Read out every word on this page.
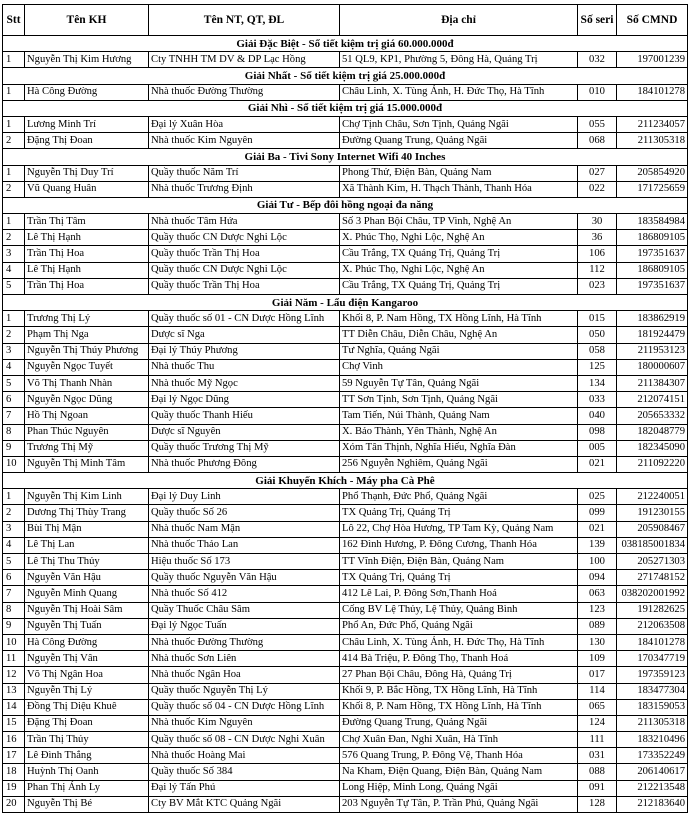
Stt	Tên KH	Tên NT, QT, ĐL	Địa chỉ	Số seri	Số CMND
Giải Đặc Biệt - Sổ tiết kiệm trị giá 60.000.000đ					
1	Nguyễn Thị Kim Hương	Cty TNHH TM DV & DP Lạc Hồng	51 QL9, KP1, Phường 5, Đông Hà, Quảng Trị	032	197001239
Giải Nhất - Sổ tiết kiệm trị giá 25.000.000đ					
1	Hà Công Đường	Nhà thuốc Đường Thường	Châu Linh, X. Tùng Ảnh, H. Đức Thọ, Hà Tĩnh	010	184101278
Giải Nhì - Sổ tiết kiệm trị giá 15.000.000đ					
1	Lương Minh Trí	Đại lý Xuân Hòa	Chợ Tịnh Châu, Sơn Tịnh, Quảng Ngãi	055	211234057
2	Đặng Thị Đoan	Nhà thuốc Kim Nguyên	Đường Quang Trung, Quảng Ngãi	068	211305318
Giải Ba - Tivi Sony Internet Wifi 40 Inches					
1	Nguyễn Thị Duy Trí	Quầy thuốc Năm Trí	Phong Thử, Điện Bàn, Quảng Nam	027	205854920
2	Vũ Quang Huân	Nhà thuốc Trương Định	Xã Thành Kim, H. Thạch Thành, Thanh Hóa	022	171725659
Giải Tư - Bếp đôi hồng ngoại đa năng					
1	Trần Thị Tâm	Nhà thuốc Tâm Hứa	Số 3 Phan Bội Châu, TP Vinh, Nghệ An	30	183584984
2	Lê Thị Hạnh	Quầy thuốc CN Dược Nghi Lộc	X. Phúc Thọ, Nghi Lộc, Nghệ An	36	186809105
3	Trần Thị Hoa	Quầy thuốc Trần Thị Hoa	Cầu Trắng, TX Quảng Trị, Quảng Trị	106	197351637
4	Lê Thị Hạnh	Quầy thuốc CN Dược Nghi Lộc	X. Phúc Thọ, Nghi Lộc, Nghệ An	112	186809105
5	Trần Thị Hoa	Quầy thuốc Trần Thị Hoa	Cầu Trắng, TX Quảng Trị, Quảng Trị	023	197351637
Giải Năm - Lẩu điện Kangaroo					
1	Trương Thị Lý	Quầy thuốc số 01 - CN Dược Hồng Lĩnh	Khối 8, P. Nam Hồng, TX Hồng Lĩnh, Hà Tĩnh	015	183862919
2	Phạm Thị Nga	Dược sĩ Nga	TT Diễn Châu, Diễn Châu, Nghệ An	050	181924479
3	Nguyễn Thị Thúy Phương	Đại lý Thúy Phương	Tư Nghĩa, Quảng Ngãi	058	211953123
4	Nguyễn Ngọc Tuyết	Nhà thuốc Thu	Chợ Vinh	125	180000607
5	Võ Thị Thanh Nhàn	Nhà thuốc Mỹ Ngọc	59 Nguyễn Tự Tân, Quảng Ngãi	134	211384307
6	Nguyễn Ngọc Dũng	Đại lý Ngọc Dũng	TT Sơn Tịnh, Sơn Tịnh, Quảng Ngãi	033	212074151
7	Hồ Thị Ngoan	Quầy thuốc Thanh Hiếu	Tam Tiến, Núi Thành, Quảng Nam	040	205653332
8	Phan Thúc Nguyên	Dược sĩ Nguyên	X. Bảo Thành, Yên Thành, Nghệ An	098	182048779
9	Trương Thị Mỹ	Quầy thuốc Trương Thị Mỹ	Xóm Tân Thịnh, Nghĩa Hiếu, Nghĩa Đàn	005	182345090
10	Nguyễn Thị Minh Tâm	Nhà thuốc Phương Đông	256 Nguyễn Nghiêm, Quảng Ngãi	021	211092220
Giải Khuyến Khích - Máy pha Cà Phê					
1	Nguyễn Thị Kim Linh	Đại lý Duy Linh	Phổ Thạnh, Đức Phổ, Quảng Ngãi	025	212240051
2	Dương Thị Thùy Trang	Quầy thuốc Số 26	TX Quảng Trị, Quảng Trị	099	191230155
3	Bùi Thị Mận	Nhà thuốc Nam Mận	Lô 22, Chợ Hòa Hương, TP Tam Kỳ, Quảng Nam	021	205908467
4	Lê Thị Lan	Nhà thuốc Thảo Lan	162 Đình Hương, P. Đông Cương, Thanh Hóa	139	038185001834
5	Lê Thị Thu Thủy	Hiệu thuốc Số 173	TT Vĩnh Điện, Điện Bàn, Quảng Nam	100	205271303
6	Nguyễn Văn Hậu	Quầy thuốc Nguyễn Văn Hậu	TX Quảng Trị, Quảng Trị	094	271748152
7	Nguyễn Minh Quang	Nhà thuốc Số 412	412 Lê Lai, P. Đông Sơn,Thanh Hoá	063	038202001992
8	Nguyễn Thị Hoài Sâm	Quầy Thuốc Châu Sâm	Cống BV Lệ Thủy, Lệ Thủy, Quảng Bình	123	191282625
9	Nguyễn Thị Tuấn	Đại lý Ngọc Tuấn	Phổ An, Đức Phổ, Quảng Ngãi	089	212063508
10	Hà Công Đường	Nhà thuốc Đường Thường	Châu Linh, X. Tùng Ảnh, H. Đức Thọ, Hà Tĩnh	130	184101278
11	Nguyễn Thị Vân	Nhà thuốc Sơn Liên	414 Bà Triệu, P. Đông Thọ, Thanh Hoá	109	170347719
12	Võ Thị Ngân Hoa	Nhà thuốc Ngân Hoa	27 Phan Bội Châu, Đông Hà, Quảng Trị	017	197359123
13	Nguyễn Thị Lý	Quầy thuốc Nguyễn Thị Lý	Khối 9, P. Bắc Hồng, TX Hồng Lĩnh, Hà Tĩnh	114	183477304
14	Đồng Thị Diệu Khuê	Quầy thuốc số 04 - CN Dược Hồng Lĩnh	Khối 8, P. Nam Hồng, TX Hồng Lĩnh, Hà Tĩnh	065	183159053
15	Đặng Thị Đoan	Nhà thuốc Kim Nguyên	Đường Quang Trung, Quảng Ngãi	124	211305318
16	Trần Thị Thủy	Quầy thuốc số 08 - CN Dược Nghi Xuân	Chợ Xuân Đan, Nghi Xuân, Hà Tĩnh	111	183210496
17	Lê Đình Thắng	Nhà thuốc Hoàng Mai	576 Quang Trung, P. Đông Vệ, Thanh Hóa	031	173352249
18	Huỳnh Thị Oanh	Quầy thuốc Số 384	Na Kham, Điện Quang, Điện Bàn, Quảng Nam	088	206140617
19	Phan Thị Ánh Ly	Đại lý Tấn Phú	Long Hiệp, Minh Long, Quảng Ngãi	091	212213548
20	Nguyễn Thị Bé	Cty BV Mắt KTC Quảng Ngãi	203 Nguyễn Tự Tân, P. Trần Phú, Quảng Ngãi	128	212183640
